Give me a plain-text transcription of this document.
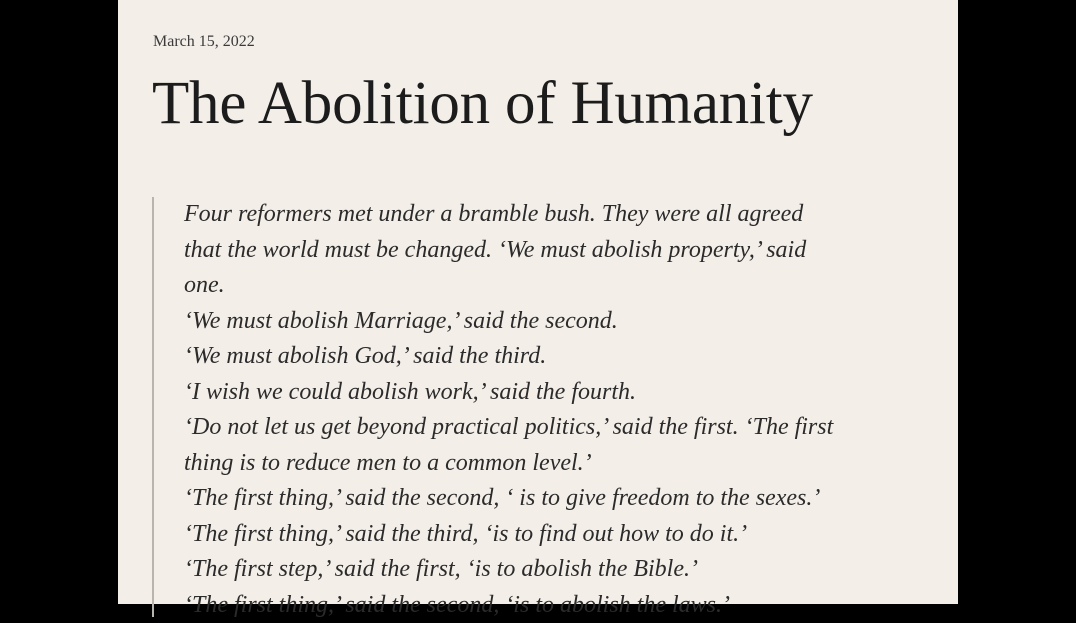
March 15, 2022
The Abolition of Humanity
Four reformers met under a bramble bush. They were all agreed
that the world must be changed. ‘We must abolish property,’ said
one.
‘We must abolish Marriage,’ said the second.
‘We must abolish God,’ said the third.
‘I wish we could abolish work,’ said the fourth.
‘Do not let us get beyond practical politics,’ said the first. ‘The first
thing is to reduce men to a common level.’
‘The first thing,’ said the second, ‘ is to give freedom to the sexes.’
‘The first thing,’ said the third, ‘is to find out how to do it.’
‘The first step,’ said the first, ‘is to abolish the Bible.’
‘The first thing,’ said the second, ‘is to abolish the laws.’
